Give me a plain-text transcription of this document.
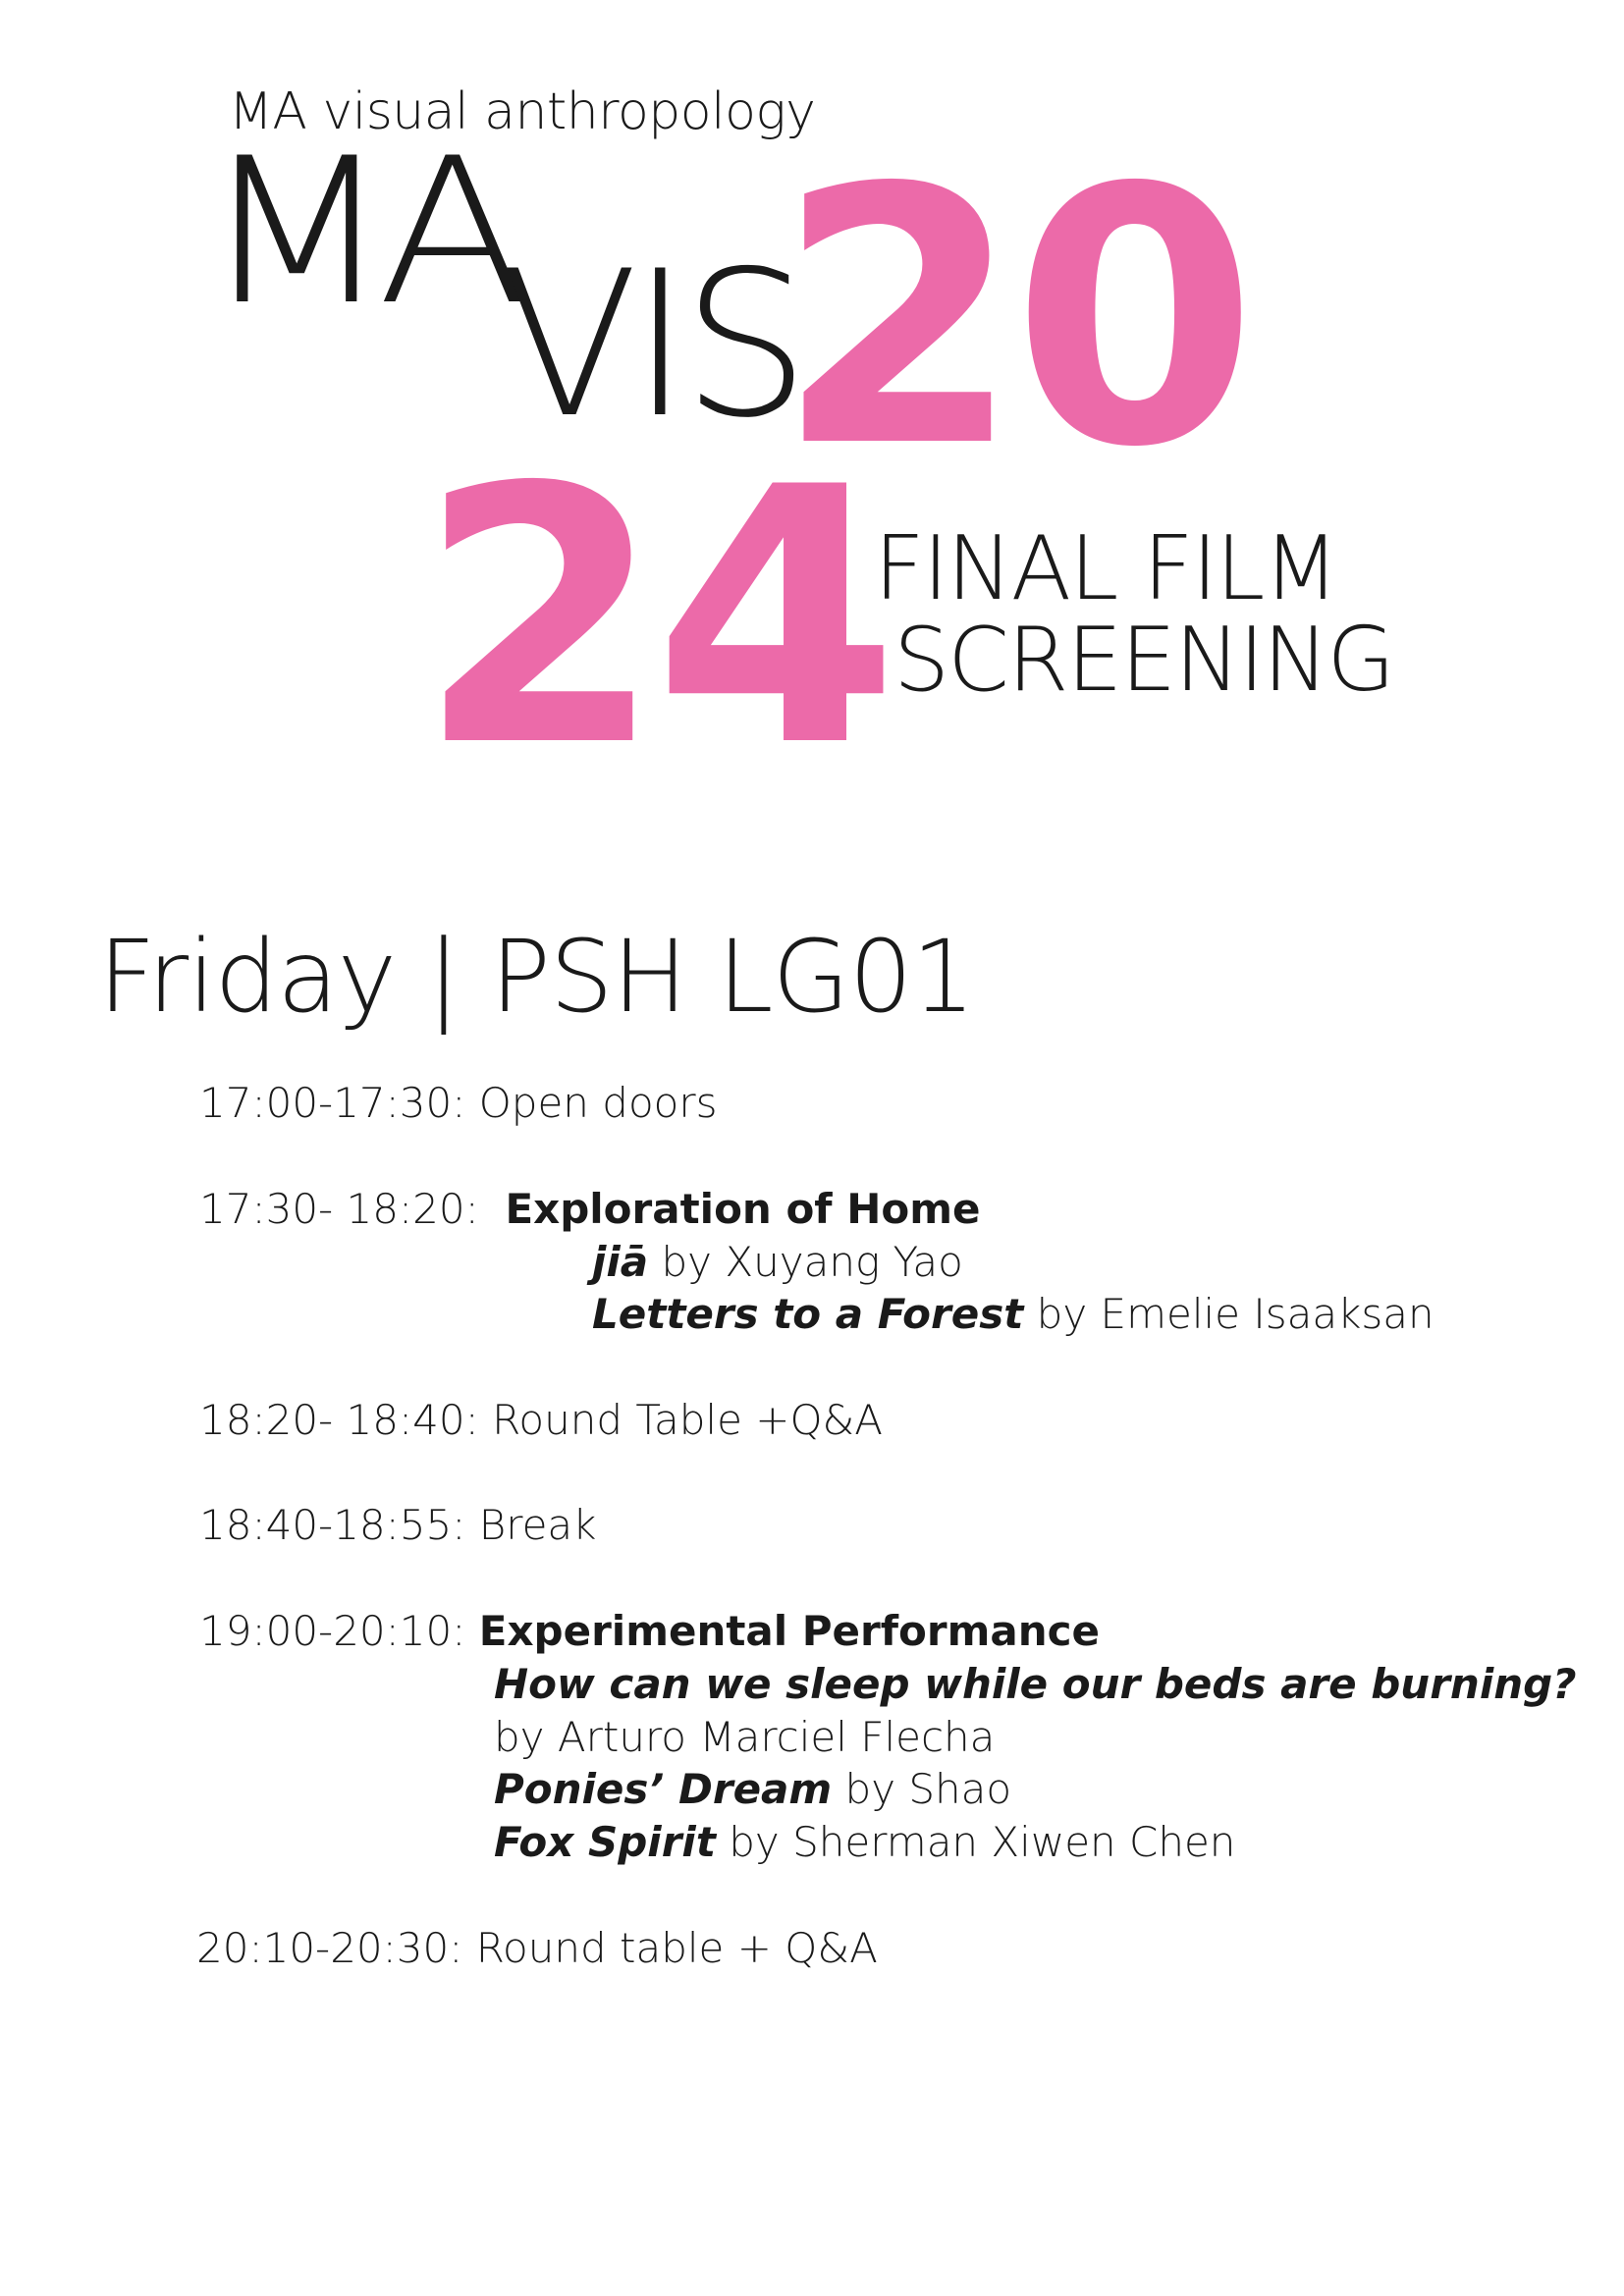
MA visual anthropology
MA
VIS
20
24
FINAL FILM
SCREENING
Friday | PSH LG01
17:00-17:30: Open doors
17:30- 18:20: Exploration of Home
jiā by Xuyang Yao
Letters to a Forest by Emelie Isaaksan
18:20- 18:40: Round Table +Q&A
18:40-18:55: Break
19:00-20:10: Experimental Performance
How can we sleep while our beds are burning?
by Arturo Marciel Flecha
Ponies’ Dream by Shao
Fox Spirit by Sherman Xiwen Chen
20:10-20:30: Round table + Q&A
